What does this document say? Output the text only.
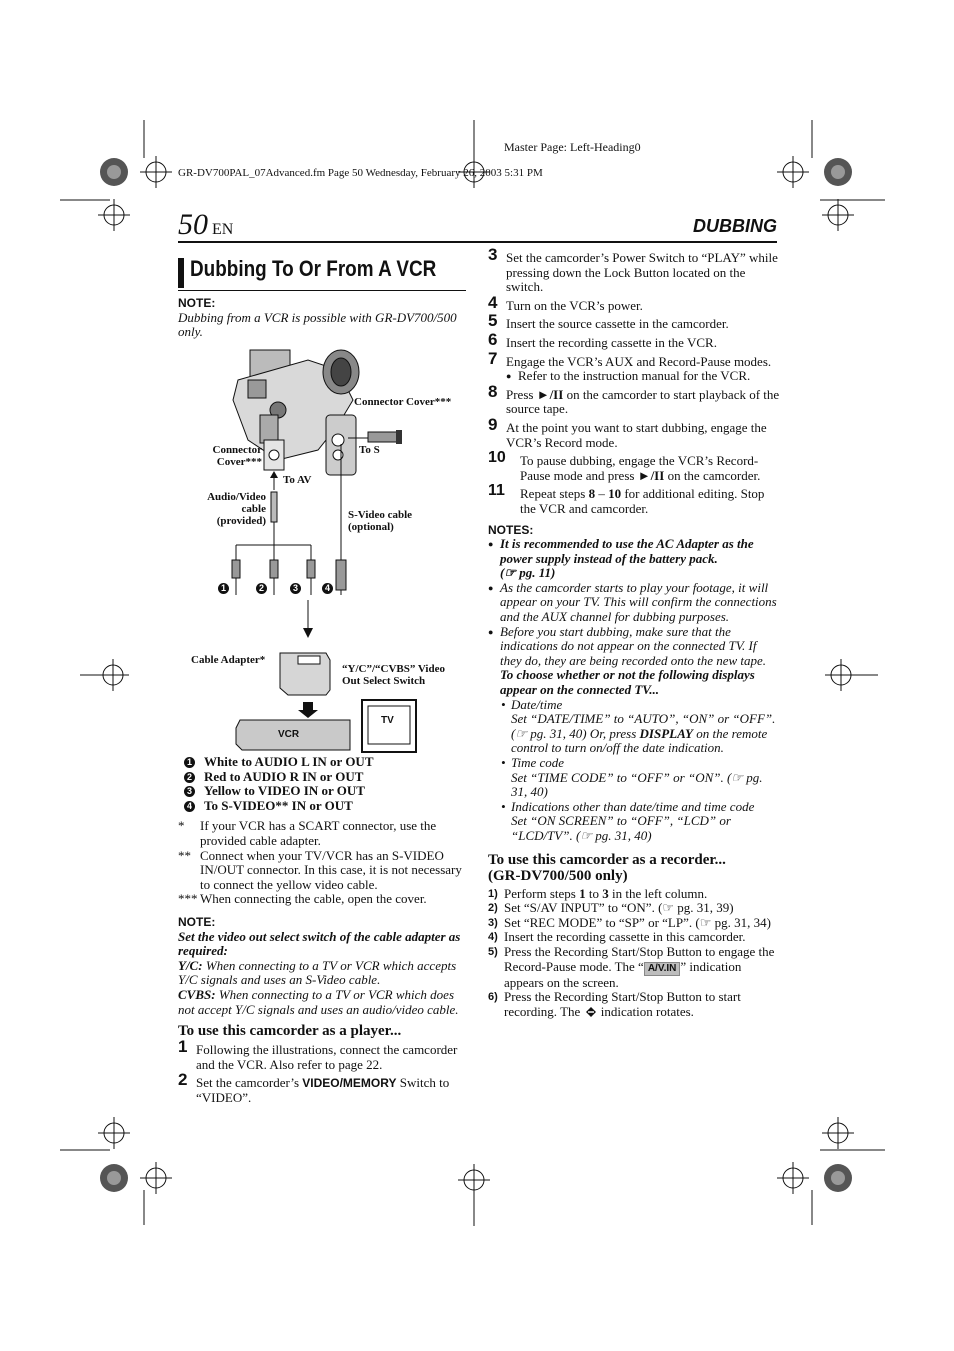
Master Page: Left-Heading0
GR-DV700PAL_07Advanced.fm Page 50 Wednesday, February 26, 2003 5:31 PM
50 EN	DUBBING
Dubbing To Or From A VCR
NOTE:
Dubbing from a VCR is possible with GR-DV700/500 only.
Connector Cover***
Connector Cover***
To S
To AV
Audio/Video cable (provided)	S-Video cable (optional)
Cable Adapter*
“Y/C”/“CVBS” Video Out Select Switch
VCR
TV
1	2	3	4
1 White to AUDIO L IN or OUT
2 Red to AUDIO R IN or OUT
3 Yellow to VIDEO IN or OUT
4 To S-VIDEO** IN or OUT
* If your VCR has a SCART connector, use the provided cable adapter.
** Connect when your TV/VCR has an S-VIDEO IN/OUT connector. In this case, it is not necessary to connect the yellow video cable.
*** When connecting the cable, open the cover.
NOTE:
Set the video out select switch of the cable adapter as required:
Y/C: When connecting to a TV or VCR which accepts Y/C signals and uses an S-Video cable.
CVBS: When connecting to a TV or VCR which does not accept Y/C signals and uses an audio/video cable.
To use this camcorder as a player...
1 Following the illustrations, connect the camcorder and the VCR. Also refer to page 22.
2 Set the camcorder’s VIDEO/MEMORY Switch to “VIDEO”.
3 Set the camcorder’s Power Switch to “PLAY” while pressing down the Lock Button located on the switch.
4 Turn on the VCR’s power.
5 Insert the source cassette in the camcorder.
6 Insert the recording cassette in the VCR.
7 Engage the VCR’s AUX and Record-Pause modes.
● Refer to the instruction manual for the VCR.
8 Press ►/II on the camcorder to start playback of the source tape.
9 At the point you want to start dubbing, engage the VCR’s Record mode.
10 To pause dubbing, engage the VCR’s Record-Pause mode and press ►/II on the camcorder.
11 Repeat steps 8 – 10 for additional editing. Stop the VCR and camcorder.
NOTES:
● It is recommended to use the AC Adapter as the power supply instead of the battery pack.
(☞ pg. 11)
● As the camcorder starts to play your footage, it will appear on your TV. This will confirm the connections and the AUX channel for dubbing purposes.
● Before you start dubbing, make sure that the indications do not appear on the connected TV. If they do, they are being recorded onto the new tape.
To choose whether or not the following displays appear on the connected TV...
• Date/time
Set “DATE/TIME” to “AUTO”, “ON” or “OFF”. (☞ pg. 31, 40) Or, press DISPLAY on the remote control to turn on/off the date indication.
• Time code
Set “TIME CODE” to “OFF” or “ON”. (☞ pg. 31, 40)
• Indications other than date/time and time code
Set “ON SCREEN” to “OFF”, “LCD” or “LCD/TV”. (☞ pg. 31, 40)
To use this camcorder as a recorder...
(GR-DV700/500 only)
1) Perform steps 1 to 3 in the left column.
2) Set “S/AV INPUT” to “ON”. (☞ pg. 31, 39)
3) Set “REC MODE” to “SP” or “LP”. (☞ pg. 31, 34)
4) Insert the recording cassette in this camcorder.
5) Press the Recording Start/Stop Button to engage the Record-Pause mode. The “ A/V.IN ” indication appears on the screen.
6) Press the Recording Start/Stop Button to start recording. The  indication rotates.
